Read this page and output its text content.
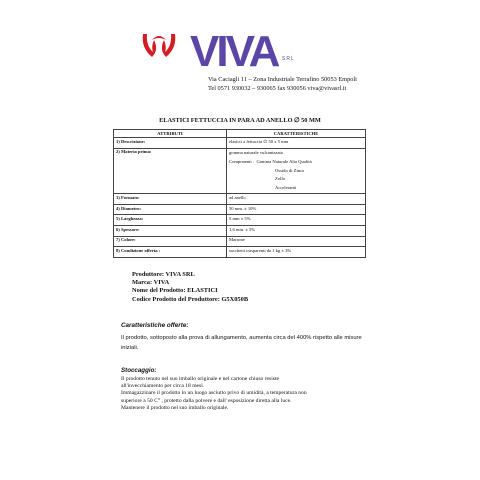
VIVA SRL
Via Caciagli 11 – Zona Industriale Terrafino 50053 Empoli
Tel 0571 930032 – 930065 fax 930056 viva@vivasrl.it
ELASTICI FETTUCCIA IN PARA AD ANELLO ∅ 50 MM
ATTRIBUTI	CARATTERISTICHE
1) Descrizione:	elastici a fettuccia ∅ 50 x 5 mm
2) Materia prima:	gomma naturale vulcanizzata
Componenti : Gomma Naturale Alta Qualità
Ossido di Zinco
Zolfo
Acceleranti

3) Formato:	ad anello
4) Diametro:	50 mm. ± 10%
5) Larghezza:	5 mm ± 5%
6) Spessore:	1,6 mm. ± 5%
7) Colore:	Marrone
8) Condizione offerta :	sacchetti trasparenti da 1 kg ± 3%
Produttore: VIVA SRL
Marca: VIVA
Nome del Prodotto: ELASTICI
Codice Prodotto del Produttore: G5X050B
Caratteristiche offerte:
Il prodotto, sottoposto alla prova di allungamento, aumenta circa del 400% rispetto alle misure iniziali.
Stoccaggio:
Il prodotto tenuto nel suo imballo originale e nel cartone chiuso resiste
all'invecchiamento per circa 18 mesi.
Immagazzinare il prodotto in un luogo asciutto privo di umidità, a temperatura non
superiore a 50 C° , protetto dalla polvere e dall' esposizione diretta alla luce.
Mantenere il prodotto nel suo imballo originale.
